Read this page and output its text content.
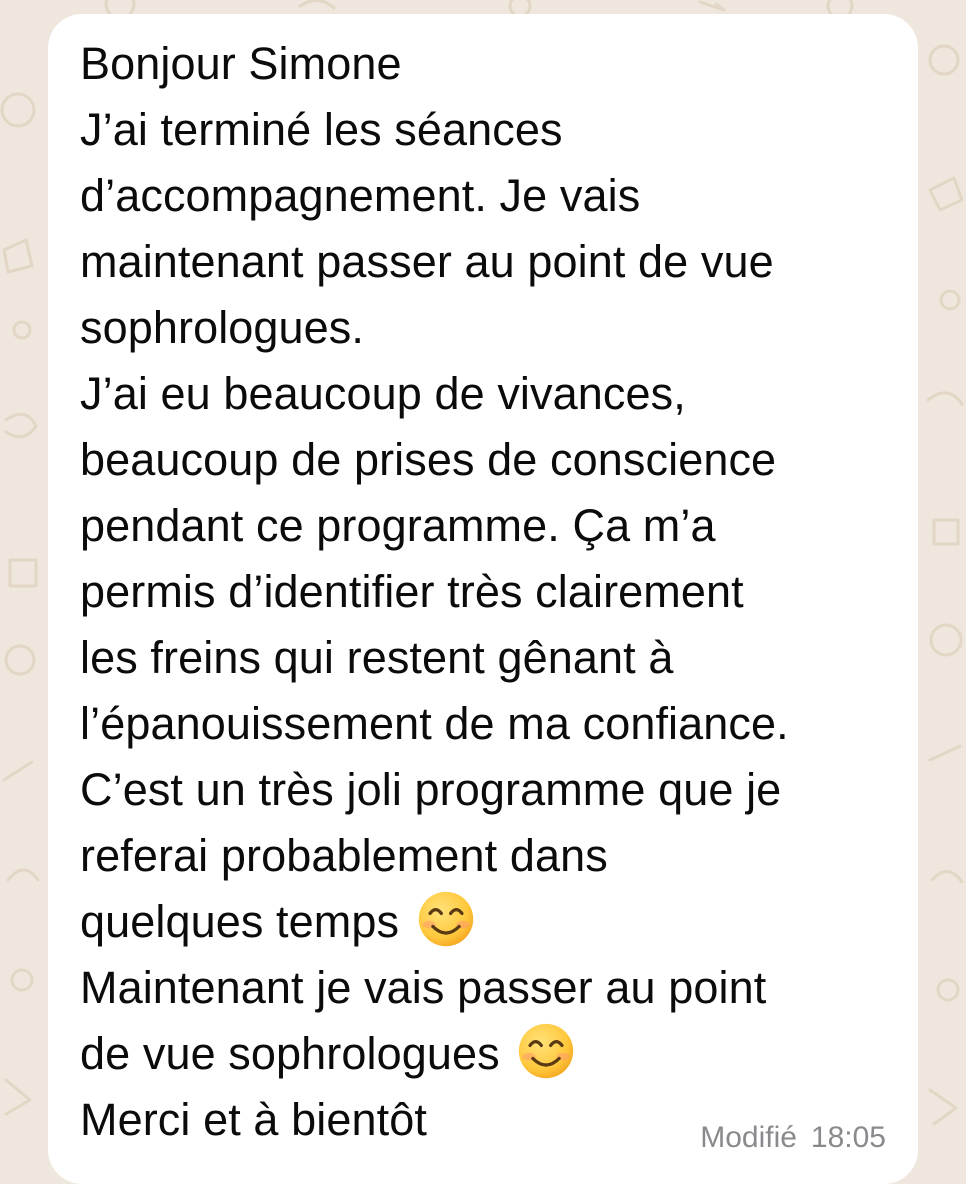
Bonjour Simone
J’ai terminé les séances
d’accompagnement. Je vais
maintenant passer au point de vue
sophrologues.
J’ai eu beaucoup de vivances,
beaucoup de prises de conscience
pendant ce programme. Ça m’a
permis d’identifier très clairement
les freins qui restent gênant à
l’épanouissement de ma confiance.
C’est un très joli programme que je
referai probablement dans
quelques temps
Maintenant je vais passer au point
de vue sophrologues
Merci et à bientôt	Modifié 18:05
